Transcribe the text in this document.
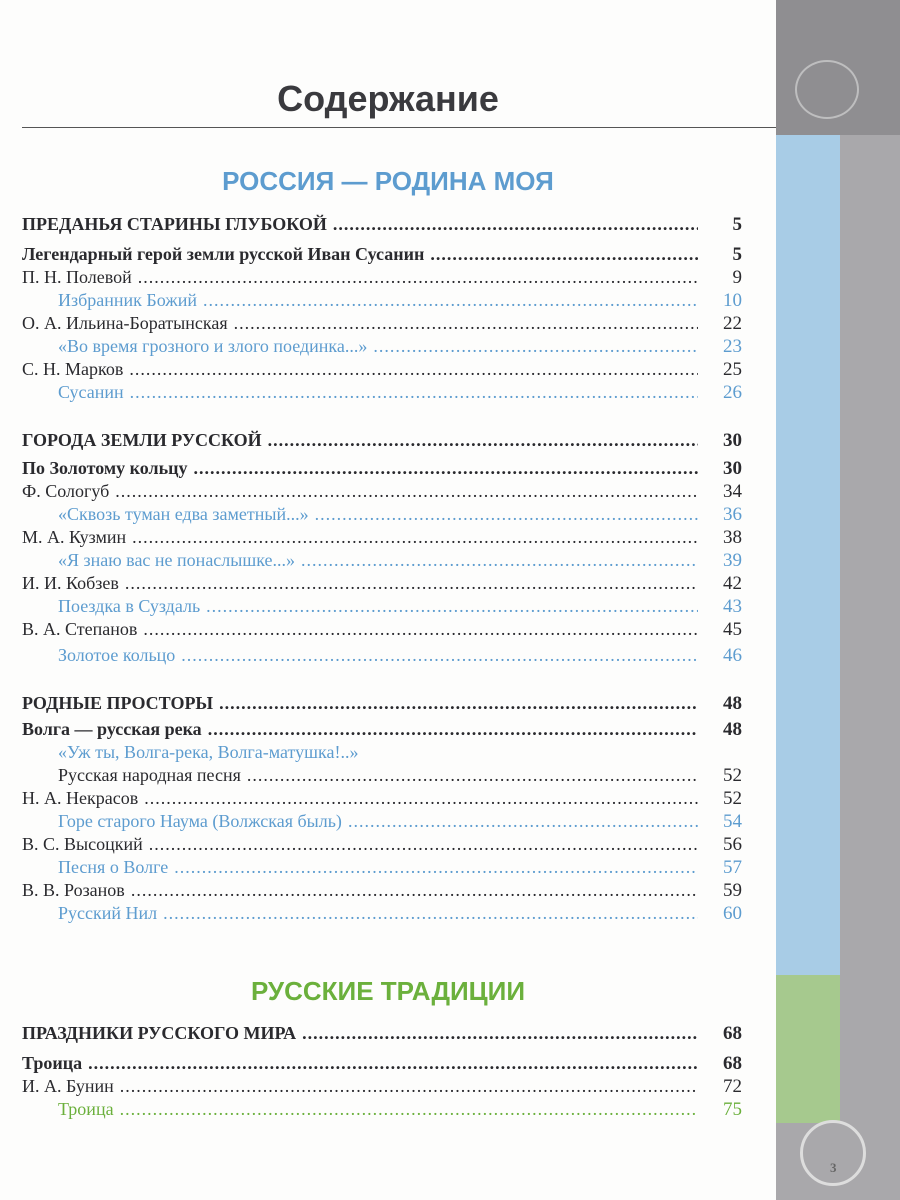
3
Содержание
РОССИЯ — РОДИНА МОЯ
РУССКИЕ ТРАДИЦИИ
ПРЕДАНЬЯ СТАРИНЫ ГЛУБОКОЙ .....	5
Легендарный герой земли русской Иван Сусанин .....	5
П. Н. Полевой .....	9
Избранник Божий .....	10
О. А. Ильина-Боратынская .....	22
«Во время грозного и злого поединка...» .....	23
С. Н. Марков .....	25
Сусанин .....	26
ГОРОДА ЗЕМЛИ РУССКОЙ .....	30
По Золотому кольцу .....	30
Ф. Сологуб .....	34
«Сквозь туман едва заметный...» .....	36
М. А. Кузмин .....	38
«Я знаю вас не понаслышке...» .....	39
И. И. Кобзев .....	42
Поездка в Суздаль .....	43
В. А. Степанов .....	45
Золотое кольцо .....	46
РОДНЫЕ ПРОСТОРЫ .....	48
Волга — русская река .....	48
«Уж ты, Волга-река, Волга-матушка!..»
Русская народная песня .....	52
Н. А. Некрасов .....	52
Горе старого Наума (Волжская быль) .....	54
В. С. Высоцкий .....	56
Песня о Волге .....	57
В. В. Розанов .....	59
Русский Нил .....	60
ПРАЗДНИКИ РУССКОГО МИРА .....	68
Троица .....	68
И. А. Бунин .....	72
Троица .....	75
